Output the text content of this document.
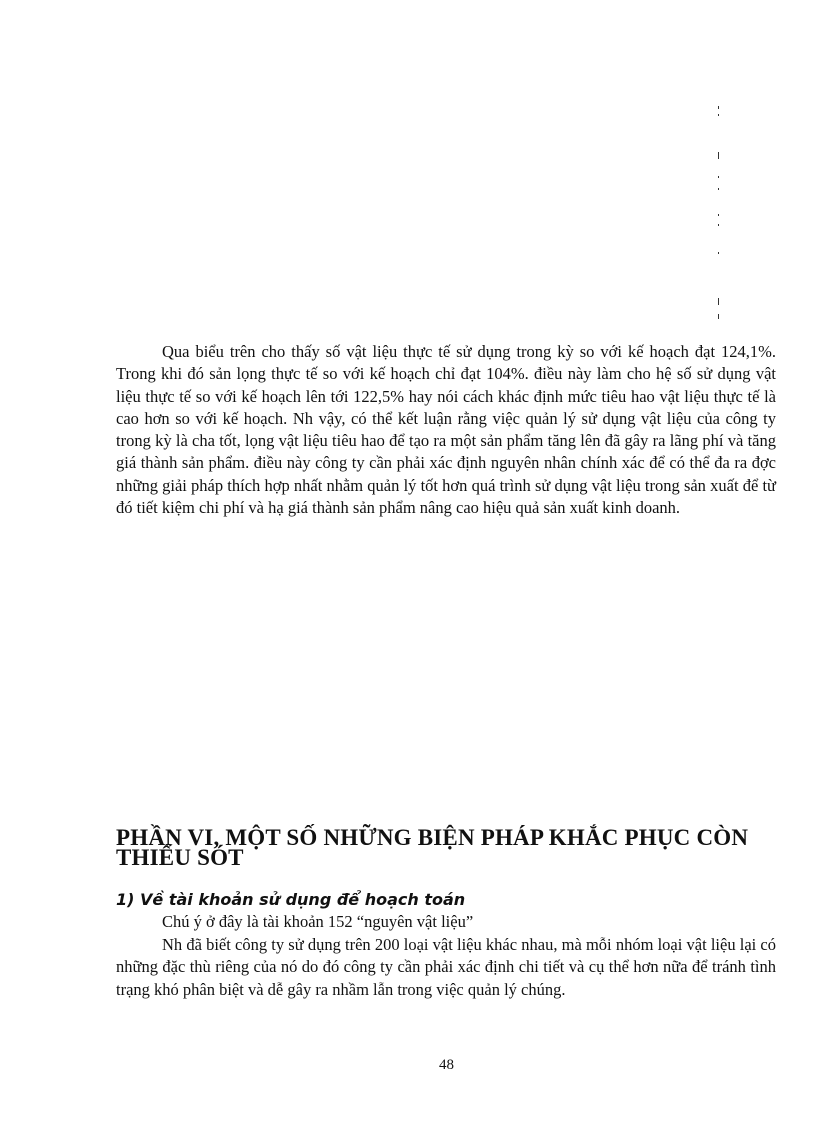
Qua biểu trên cho thấy số vật liệu thực tế sử dụng trong kỳ so với kế hoạch đạt 124,1%. Trong khi đó sản lọng thực tế so với kế hoạch chỉ đạt 104%. điều này làm cho hệ số sử dụng vật liệu thực tế so với kế hoạch lên tới 122,5% hay nói cách khác định mức tiêu hao vật liệu thực tế là cao hơn so với kế hoạch. Nh vậy, có thể kết luận rằng việc quản lý sử dụng vật liệu của công ty trong kỳ là cha tốt, lọng vật liệu tiêu hao để tạo ra một sản phẩm tăng lên đã gây ra lãng phí và tăng giá thành sản phẩm. điều này công ty cần phải xác định nguyên nhân chính xác để có thể đa ra đợc những giải pháp thích hợp nhất nhằm quản lý tốt hơn quá trình sử dụng vật liệu trong sản xuất để từ đó tiết kiệm chi phí và hạ giá thành sản phẩm nâng cao hiệu quả sản xuất kinh doanh.

PHẦN VI, MỘT SỐ NHỮNG BIỆN PHÁP KHẮC PHỤC CÒN THIẾU SÓT
1) Về tài khoản sử dụng để hoạch toán

Chú ý ở đây là tài khoản 152 “nguyên vật liệu”

Nh đã biết công ty sử dụng trên 200 loại vật liệu khác nhau, mà mỗi nhóm loại vật liệu lại có những đặc thù riêng của nó do đó công ty cần phải xác định chi tiết và cụ thể hơn nữa để tránh tình trạng khó phân biệt và dễ gây ra nhầm lẫn trong việc quản lý chúng.

48
